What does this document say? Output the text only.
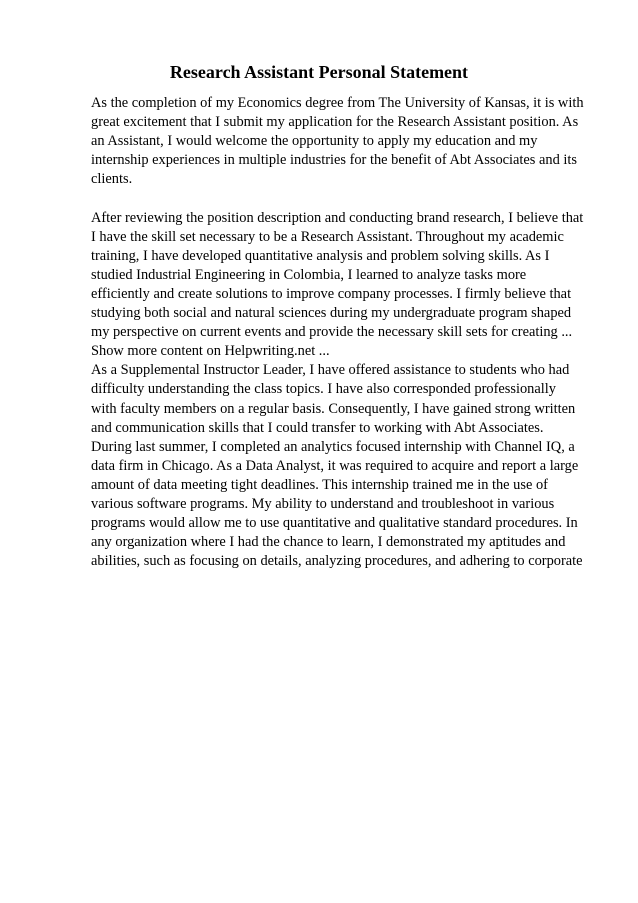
Research Assistant Personal Statement

As the completion of my Economics degree from The University of Kansas, it is with
great excitement that I submit my application for the Research Assistant position. As
an Assistant, I would welcome the opportunity to apply my education and my
internship experiences in multiple industries for the benefit of Abt Associates and its
clients.

After reviewing the position description and conducting brand research, I believe that
I have the skill set necessary to be a Research Assistant. Throughout my academic
training, I have developed quantitative analysis and problem solving skills. As I
studied Industrial Engineering in Colombia, I learned to analyze tasks more
efficiently and create solutions to improve company processes. I firmly believe that
studying both social and natural sciences during my undergraduate program shaped
my perspective on current events and provide the necessary skill sets for creating ...
Show more content on Helpwriting.net ...
As a Supplemental Instructor Leader, I have offered assistance to students who had
difficulty understanding the class topics. I have also corresponded professionally
with faculty members on a regular basis. Consequently, I have gained strong written
and communication skills that I could transfer to working with Abt Associates.
During last summer, I completed an analytics focused internship with Channel IQ, a
data firm in Chicago. As a Data Analyst, it was required to acquire and report a large
amount of data meeting tight deadlines. This internship trained me in the use of
various software programs. My ability to understand and troubleshoot in various
programs would allow me to use quantitative and qualitative standard procedures. In
any organization where I had the chance to learn, I demonstrated my aptitudes and
abilities, such as focusing on details, analyzing procedures, and adhering to corporate
